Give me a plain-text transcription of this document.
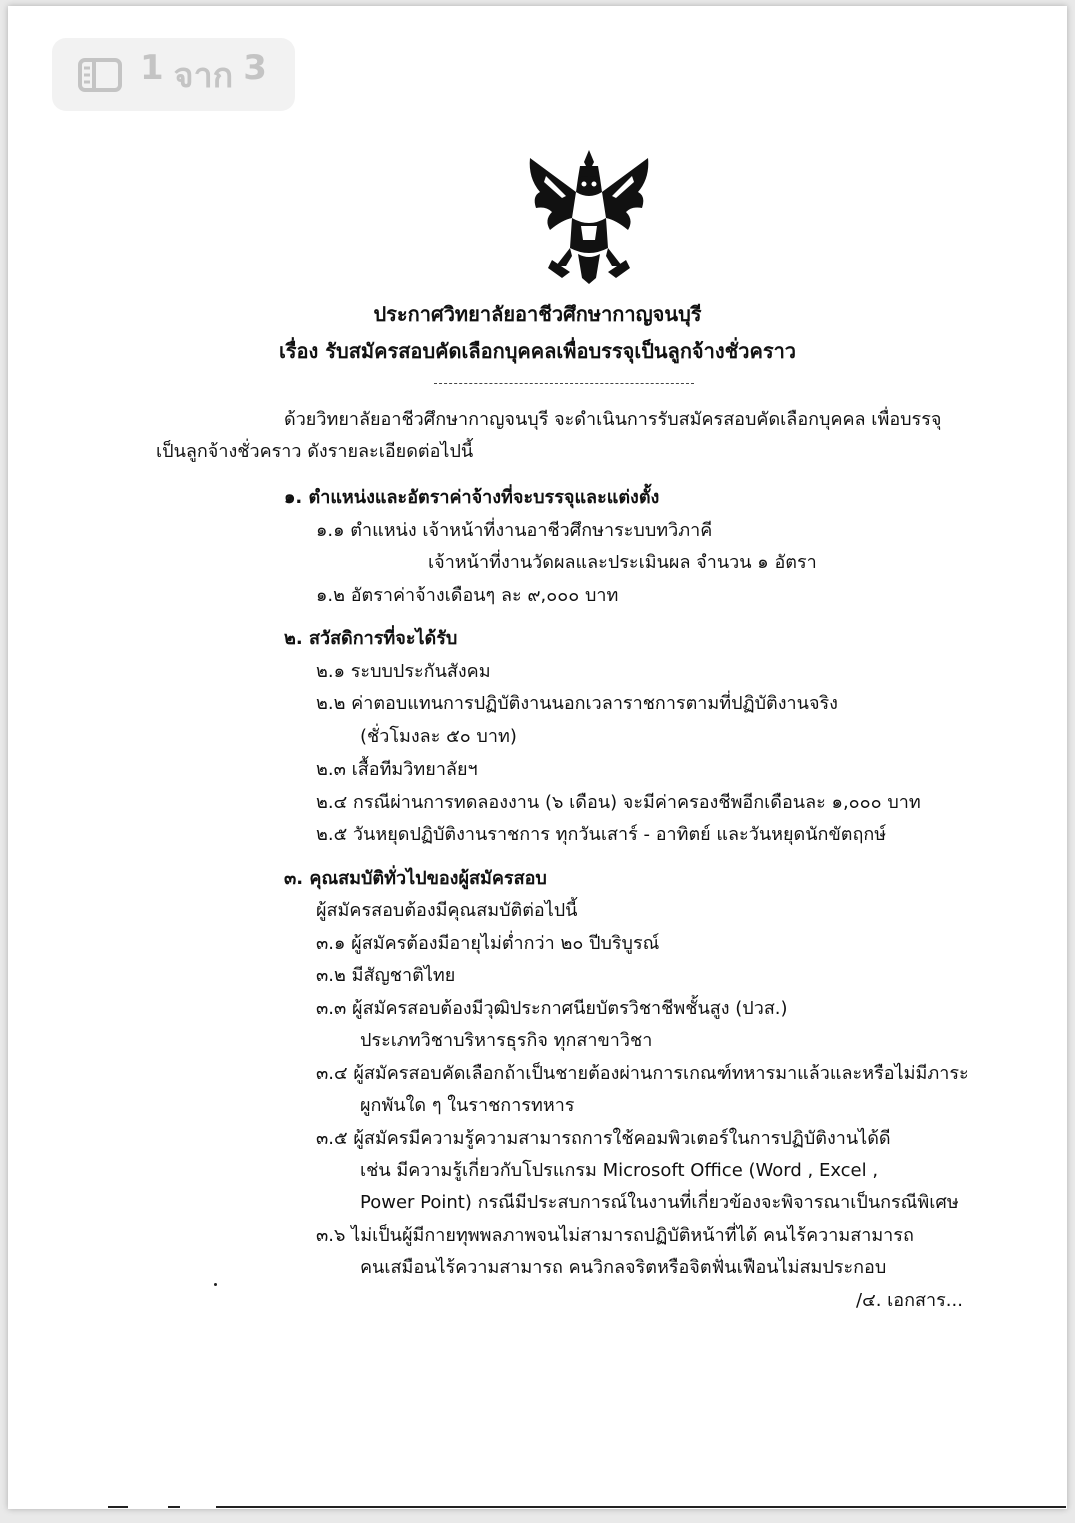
1 จาก 3
ประกาศวิทยาลัยอาชีวศึกษากาญจนบุรี
เรื่อง รับสมัครสอบคัดเลือกบุคคลเพื่อบรรจุเป็นลูกจ้างชั่วคราว
ด้วยวิทยาลัยอาชีวศึกษากาญจนบุรี จะดำเนินการรับสมัครสอบคัดเลือกบุคคล เพื่อบรรจุ
เป็นลูกจ้างชั่วคราว ดังรายละเอียดต่อไปนี้
๑. ตำแหน่งและอัตราค่าจ้างที่จะบรรจุและแต่งตั้ง
๑.๑ ตำแหน่ง เจ้าหน้าที่งานอาชีวศึกษาระบบทวิภาคี
เจ้าหน้าที่งานวัดผลและประเมินผล จำนวน ๑ อัตรา
๑.๒ อัตราค่าจ้างเดือนๆ ละ ๙,๐๐๐ บาท
๒. สวัสดิการที่จะได้รับ
๒.๑ ระบบประกันสังคม
๒.๒ ค่าตอบแทนการปฏิบัติงานนอกเวลาราชการตามที่ปฏิบัติงานจริง
(ชั่วโมงละ ๕๐ บาท)
๒.๓ เสื้อทีมวิทยาลัยฯ
๒.๔ กรณีผ่านการทดลองงาน (๖ เดือน) จะมีค่าครองชีพอีกเดือนละ ๑,๐๐๐ บาท
๒.๕ วันหยุดปฏิบัติงานราชการ ทุกวันเสาร์ - อาทิตย์ และวันหยุดนักขัตฤกษ์
๓. คุณสมบัติทั่วไปของผู้สมัครสอบ
ผู้สมัครสอบต้องมีคุณสมบัติต่อไปนี้
๓.๑ ผู้สมัครต้องมีอายุไม่ต่ำกว่า ๒๐ ปีบริบูรณ์
๓.๒ มีสัญชาติไทย
๓.๓ ผู้สมัครสอบต้องมีวุฒิประกาศนียบัตรวิชาชีพชั้นสูง (ปวส.)
ประเภทวิชาบริหารธุรกิจ ทุกสาขาวิชา
๓.๔ ผู้สมัครสอบคัดเลือกถ้าเป็นชายต้องผ่านการเกณฑ์ทหารมาแล้วและหรือไม่มีภาระ
ผูกพันใด ๆ ในราชการทหาร
๓.๕ ผู้สมัครมีความรู้ความสามารถการใช้คอมพิวเตอร์ในการปฏิบัติงานได้ดี
เช่น มีความรู้เกี่ยวกับโปรแกรม Microsoft Office (Word , Excel ,
Power Point) กรณีมีประสบการณ์ในงานที่เกี่ยวข้องจะพิจารณาเป็นกรณีพิเศษ
๓.๖ ไม่เป็นผู้มีกายทุพพลภาพจนไม่สามารถปฏิบัติหน้าที่ได้ คนไร้ความสามารถ
คนเสมือนไร้ความสามารถ คนวิกลจริตหรือจิตฟั่นเฟือนไม่สมประกอบ
/๔. เอกสาร...
